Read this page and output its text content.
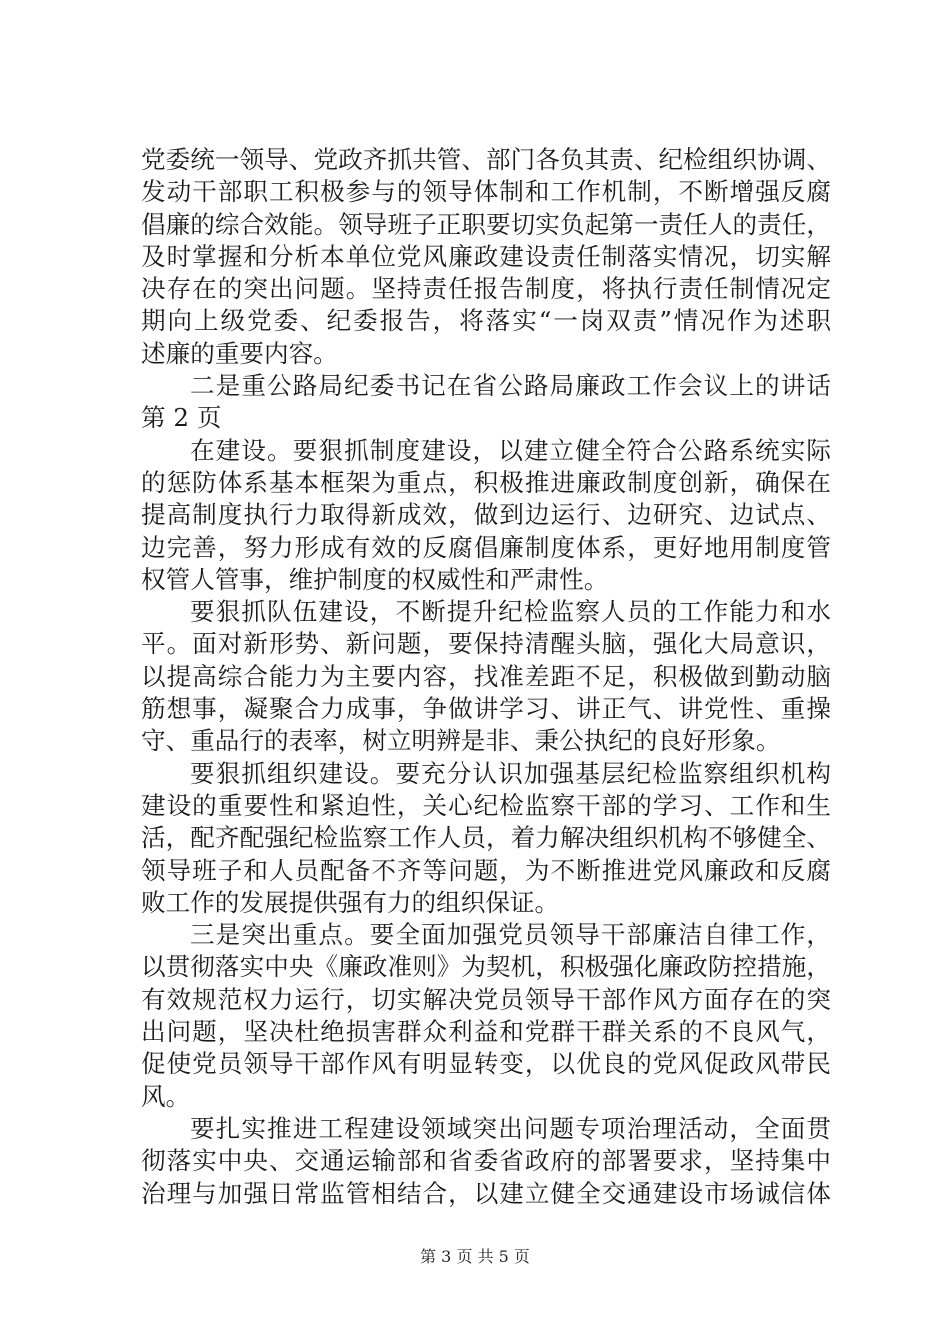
党委统一领导、党政齐抓共管、部门各负其责、纪检组织协调、
发动干部职工积极参与的领导体制和工作机制，不断增强反腐
倡廉的综合效能。领导班子正职要切实负起第一责任人的责任，
及时掌握和分析本单位党风廉政建设责任制落实情况，切实解
决存在的突出问题。坚持责任报告制度，将执行责任制情况定
期向上级党委、纪委报告，将落实“一岗双责”情况作为述职
述廉的重要内容。
二是重公路局纪委书记在省公路局廉政工作会议上的讲话
第 2 页
在建设。要狠抓制度建设，以建立健全符合公路系统实际
的惩防体系基本框架为重点，积极推进廉政制度创新，确保在
提高制度执行力取得新成效，做到边运行、边研究、边试点、
边完善，努力形成有效的反腐倡廉制度体系，更好地用制度管
权管人管事，维护制度的权威性和严肃性。
要狠抓队伍建设，不断提升纪检监察人员的工作能力和水
平。面对新形势、新问题，要保持清醒头脑，强化大局意识，
以提高综合能力为主要内容，找准差距不足，积极做到勤动脑
筋想事，凝聚合力成事，争做讲学习、讲正气、讲党性、重操
守、重品行的表率，树立明辨是非、秉公执纪的良好形象。
要狠抓组织建设。要充分认识加强基层纪检监察组织机构
建设的重要性和紧迫性，关心纪检监察干部的学习、工作和生
活，配齐配强纪检监察工作人员，着力解决组织机构不够健全、
领导班子和人员配备不齐等问题，为不断推进党风廉政和反腐
败工作的发展提供强有力的组织保证。
三是突出重点。要全面加强党员领导干部廉洁自律工作，
以贯彻落实中央《廉政准则》为契机，积极强化廉政防控措施，
有效规范权力运行，切实解决党员领导干部作风方面存在的突
出问题，坚决杜绝损害群众利益和党群干群关系的不良风气，
促使党员领导干部作风有明显转变，以优良的党风促政风带民
风。
要扎实推进工程建设领域突出问题专项治理活动，全面贯
彻落实中央、交通运输部和省委省政府的部署要求，坚持集中
治理与加强日常监管相结合，以建立健全交通建设市场诚信体
第 3 页 共 5 页
